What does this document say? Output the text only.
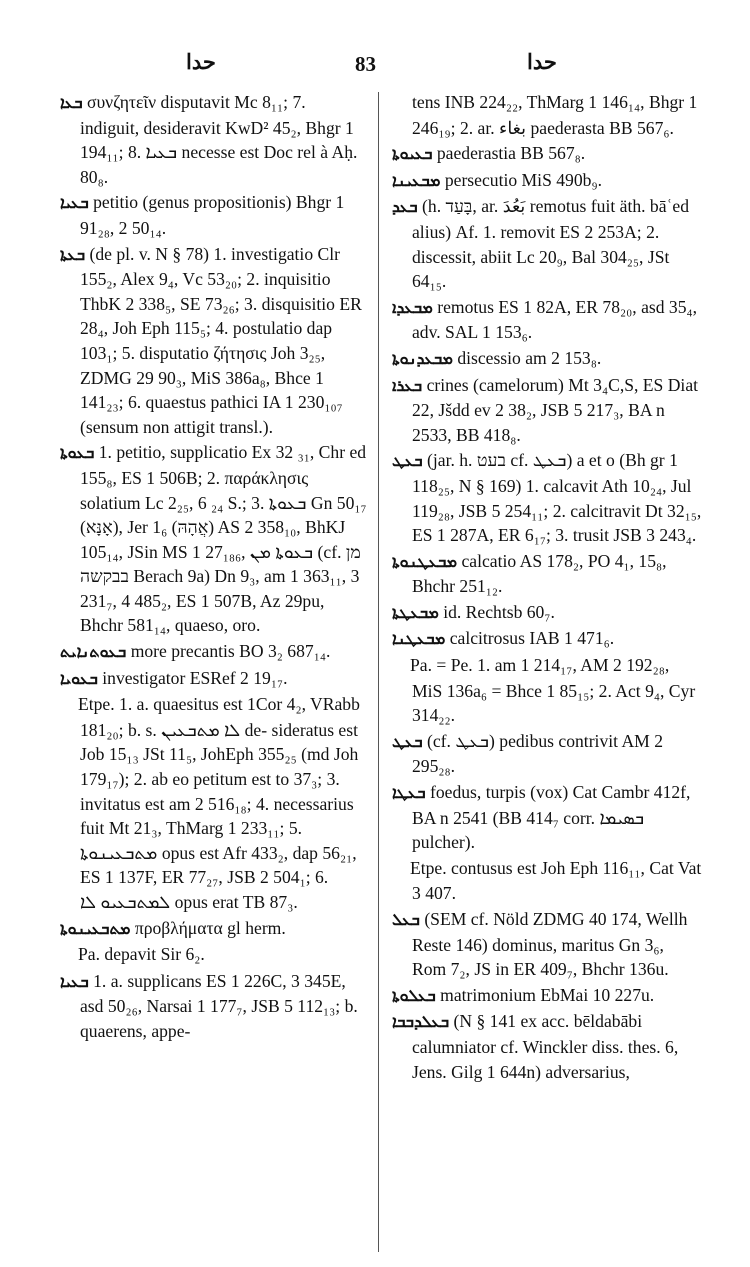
حدا	83	حدا

ܒܥܐ συνζητεῖν disputavit Mc 8₁₁; 7. indiguit, desideravit KwD² 45₂, Bhgr 1 194₁₁; 8. ܒܥܝܐ necesse est Doc rel à Aḥ. 80₈.

ܒܥܝܐ petitio (genus propositionis) Bhgr 1 91₂₈, 2 50₁₄.

ܒܥܬܐ (de pl. v. N § 78) 1. investigatio Clr 155₂, Alex 9₄, Vc 53₂₀; 2. inquisitio ThbK 2 338₅, SE 73₂₆; 3. disquisitio ER 28₄, Joh Eph 115₅; 4. postulatio dap 103₁; 5. disputatio ζήτησις Joh 3₂₅, ZDMG 29 90₃, MiS 386a₈, Bhce 1 141₂₃; 6. quaestus pathici IA 1 230₁₀₇ (sensum non attigit transl.).

ܒܥܘܬܐ 1. petitio, supplicatio Ex 32 ₃₁, Chr ed 155₈, ES 1 506B; 2. παράκλησις solatium Lc 2₂₅, 6 ₂₄ S.; 3. ܒܥܘܬܐ Gn 50₁₇ (אָנָּא), Jer 1₆ (אֲהָהּ) AS 2 358₁₀, BhKJ 105₁₄, JSin MS 1 27₁₈₆, ܒܥܘܬܐ ܡܢ (cf. מן בבקשה Berach 9a) Dn 9₃, am 1 363₁₁, 3 231₇, 4 485₂, ES 1 507B, Az 29pu, Bhchr 581₁₄, quaeso, oro.

ܒܥܘܬܢܐܝܬ more precantis BO 3₂ 687₁₄.

ܒܥܘܝܐ investigator ESRef 2 19₁₇.

Etpe. 1. a. quaesitus est 1Cor 4₂, VRabb 181₂₀; b. s. ܠܐ ܡܬܒܥܝܢ de- sideratus est Job 15₁₃ JSt 11₅, JohEph 355₂₅ (md Joh 179₁₇); 2. ab eo petitum est to 37₃; 3. invitatus est am 2 516₁₈; 4. necessarius fuit Mt 21₃, ThMarg 1 233₁₁; 5. ܡܬܒܥܝܢܘܬܐ opus est Afr 433₂, dap 56₂₁, ES 1 137F, ER 77₂₇, JSB 2 504₁; 6. ܠܡܬܒܥܝܘ ܠܐ opus erat TB 87₃.

ܡܬܒܥܝܢܘܬܐ προβλήματα gl herm.

Pa. depavit Sir 6₂.

ܒܥܝܐ 1. a. supplicans ES 1 226C, 3 345E, asd 50₂₆, Narsai 1 177₇, JSB 5 112₁₃; b. quaerens, appe-

tens INB 224₂₂, ThMarg 1 146₁₄, Bhgr 1 246₁₉; 2. ar. بغاء paederasta BB 567₆.

ܒܥܝܘܬܐ paederastia BB 567₈.

ܡܒܥܝܢܐ persecutio MiS 490b₉.

ܒܥܕ (h. בָּעַד, ar. بَعُدَ remotus fuit äth. bāʿed alius) Af. 1. removit ES 2 253A; 2. discessit, abiit Lc 20₉, Bal 304₂₅, JSt 64₁₅.

ܡܒܥܕܐ remotus ES 1 82A, ER 78₂₀, asd 35₄, adv. SAL 1 153₆.

ܡܒܥܕܢܘܬܐ discessio am 2 153₈.

ܒܥܪܐ crines (camelorum) Mt 3₄C,S, ES Diat 22, Jšdd ev 2 38₂, JSB 5 217₃, BA n 2533, BB 418₈.

ܒܥܛ (jar. h. בעט cf. ܒܥܛ) a et o (Bh gr 1 118₂₅, N § 169) 1. calcavit Ath 10₂₄, Jul 119₂₈, JSB 5 254₁₁; 2. calcitravit Dt 32₁₅, ES 1 287A, ER 6₁₇; 3. trusit JSB 3 243₄.

ܡܒܥܛܢܘܬܐ calcatio AS 178₂, PO 4₁, 15₈, Bhchr 251₁₂.

ܡܒܥܛܬܐ id. Rechtsb 60₇.

ܡܒܥܛܢܐ calcitrosus IAB 1 471₆.

Pa. = Pe. 1. am 1 214₁₇, AM 2 192₂₈, MiS 136a₆ = Bhce 1 85₁₅; 2. Act 9₄, Cyr 314₂₂.

ܒܥܛ (cf. ܒܥܛ) pedibus contrivit AM 2 295₂₈.

ܒܥܛܐ foedus, turpis (vox) Cat Cambr 412f, BA n 2541 (BB 414₇ corr. ܒܣܝܡܐ pulcher).

Etpe. contusus est Joh Eph 116₁₁, Cat Vat 3 407.

ܒܥܠ (SEM cf. Nöld ZDMG 40 174, Wellh Reste 146) dominus, maritus Gn 3₆, Rom 7₂, JS in ER 409₇, Bhchr 136u.

ܒܥܠܘܬܐ matrimonium EbMai 10 227u.

ܒܥܠܕܒܒܐ (N § 141 ex acc. bēldabābi calumniator cf. Winckler diss. thes. 6, Jens. Gilg 1 644n) adversarius,
